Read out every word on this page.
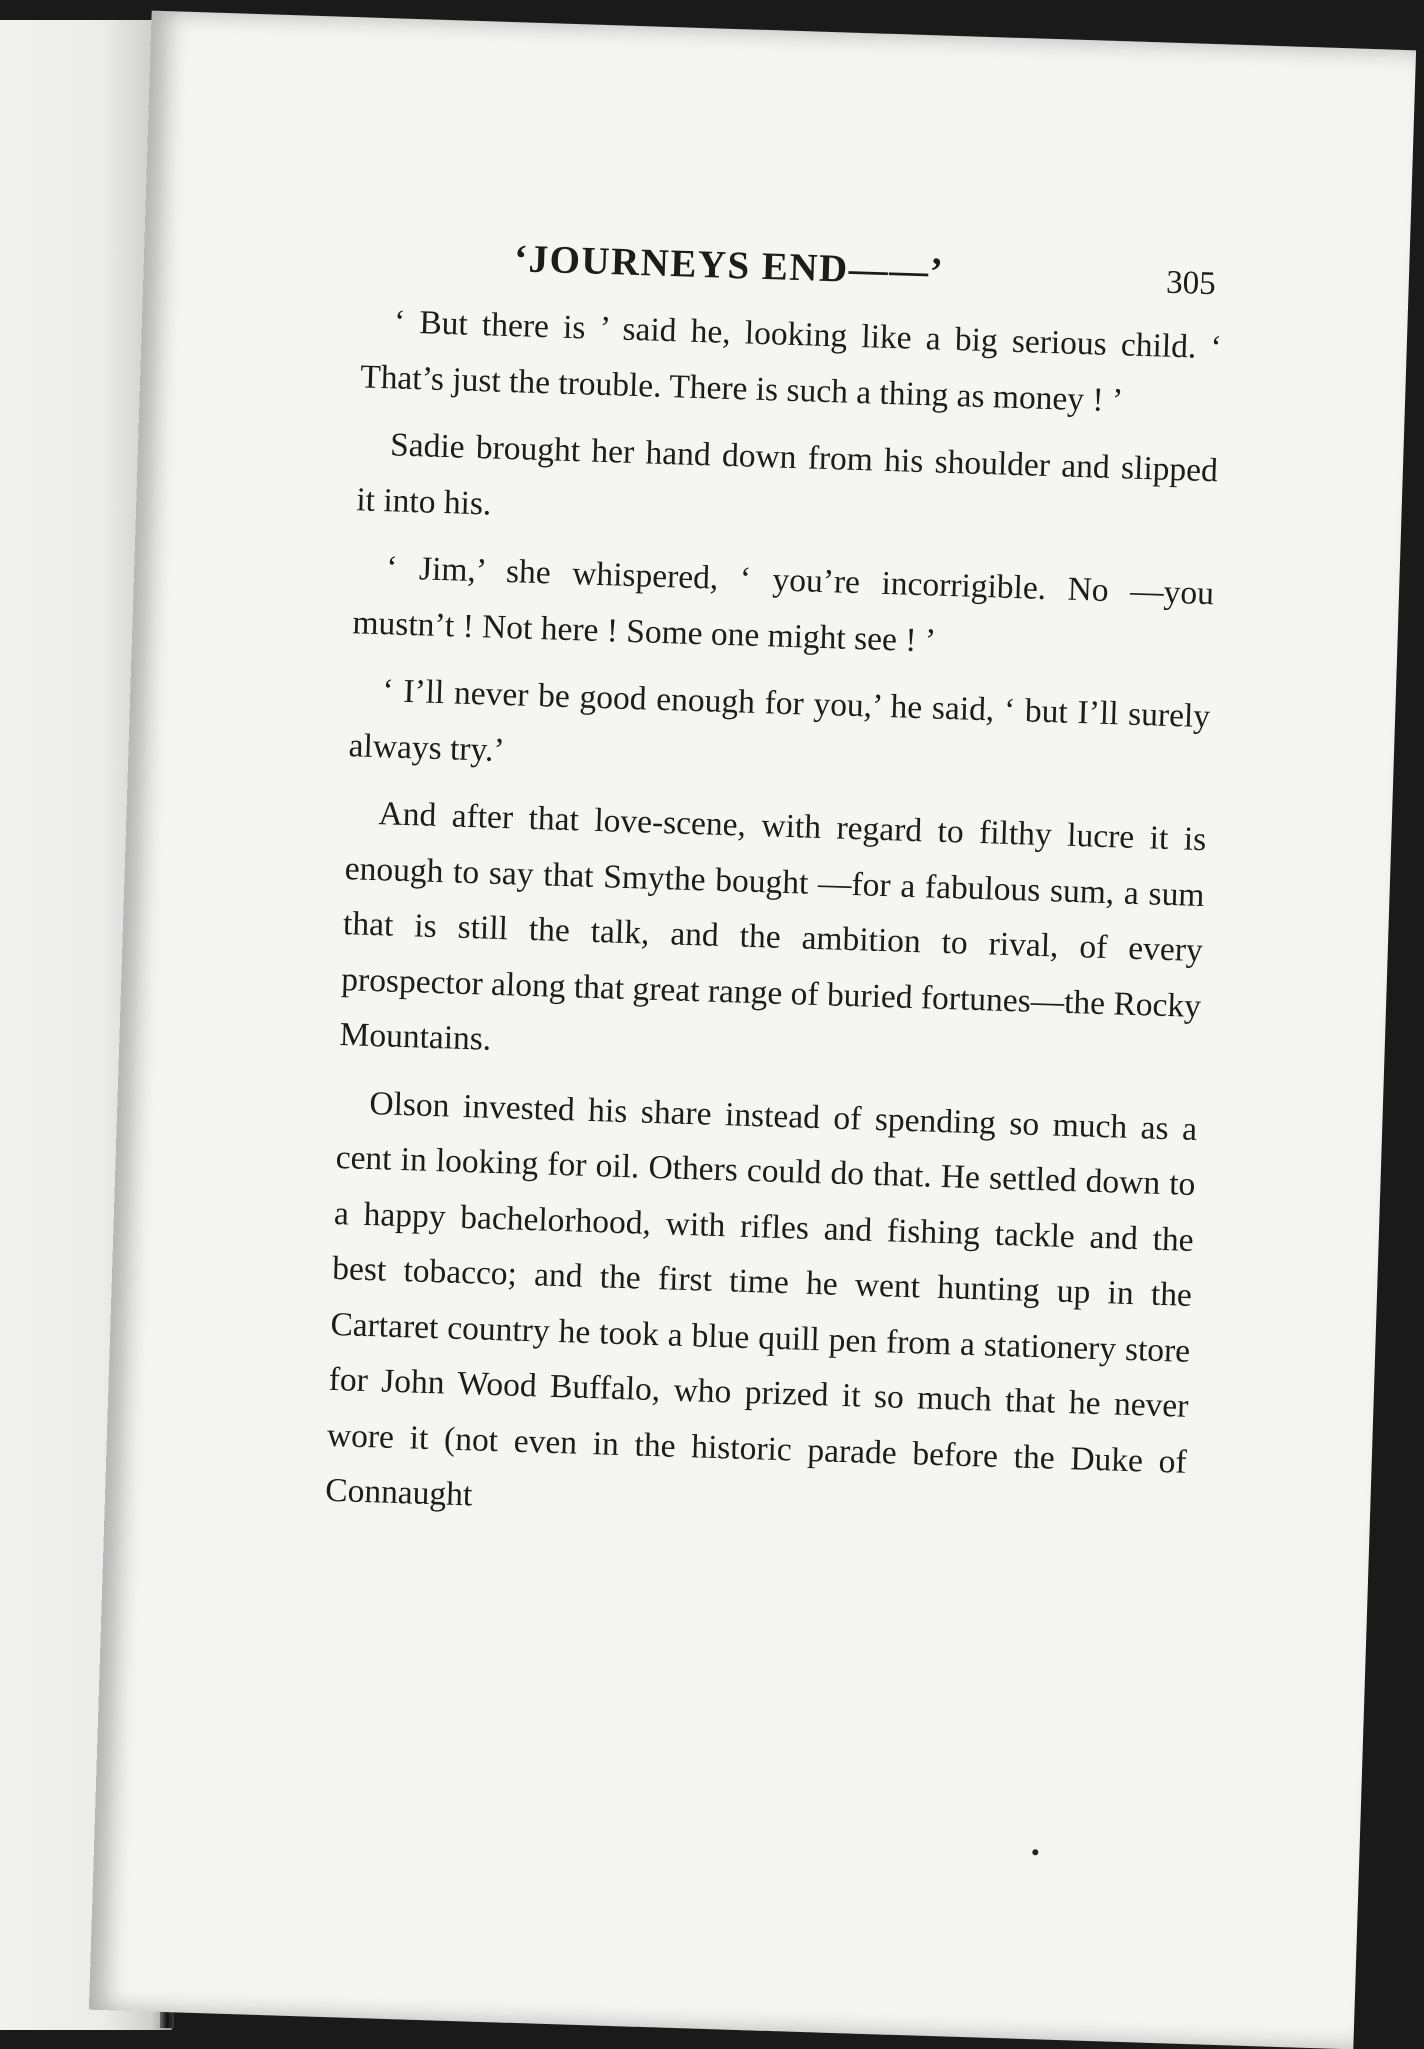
‘JOURNEYS END——’	305

‘ But there is ’ said he, looking like a big serious child. ‘ That’s just the trouble. There is such a thing as money ! ’

Sadie brought her hand down from his shoulder and slipped it into his.

‘ Jim,’ she whispered, ‘ you’re incorrigible. No —you mustn’t ! Not here ! Some one might see ! ’

‘ I’ll never be good enough for you,’ he said, ‘ but I’ll surely always try.’

And after that love-scene, with regard to filthy lucre it is enough to say that Smythe bought —for a fabulous sum, a sum that is still the talk, and the ambition to rival, of every prospector along that great range of buried fortunes—the Rocky Mountains.

Olson invested his share instead of spending so much as a cent in looking for oil. Others could do that. He settled down to a happy bachelorhood, with rifles and fishing tackle and the best tobacco; and the first time he went hunting up in the Cartaret country he took a blue quill pen from a stationery store for John Wood Buffalo, who prized it so much that he never wore it (not even in the historic parade before the Duke of Connaught
